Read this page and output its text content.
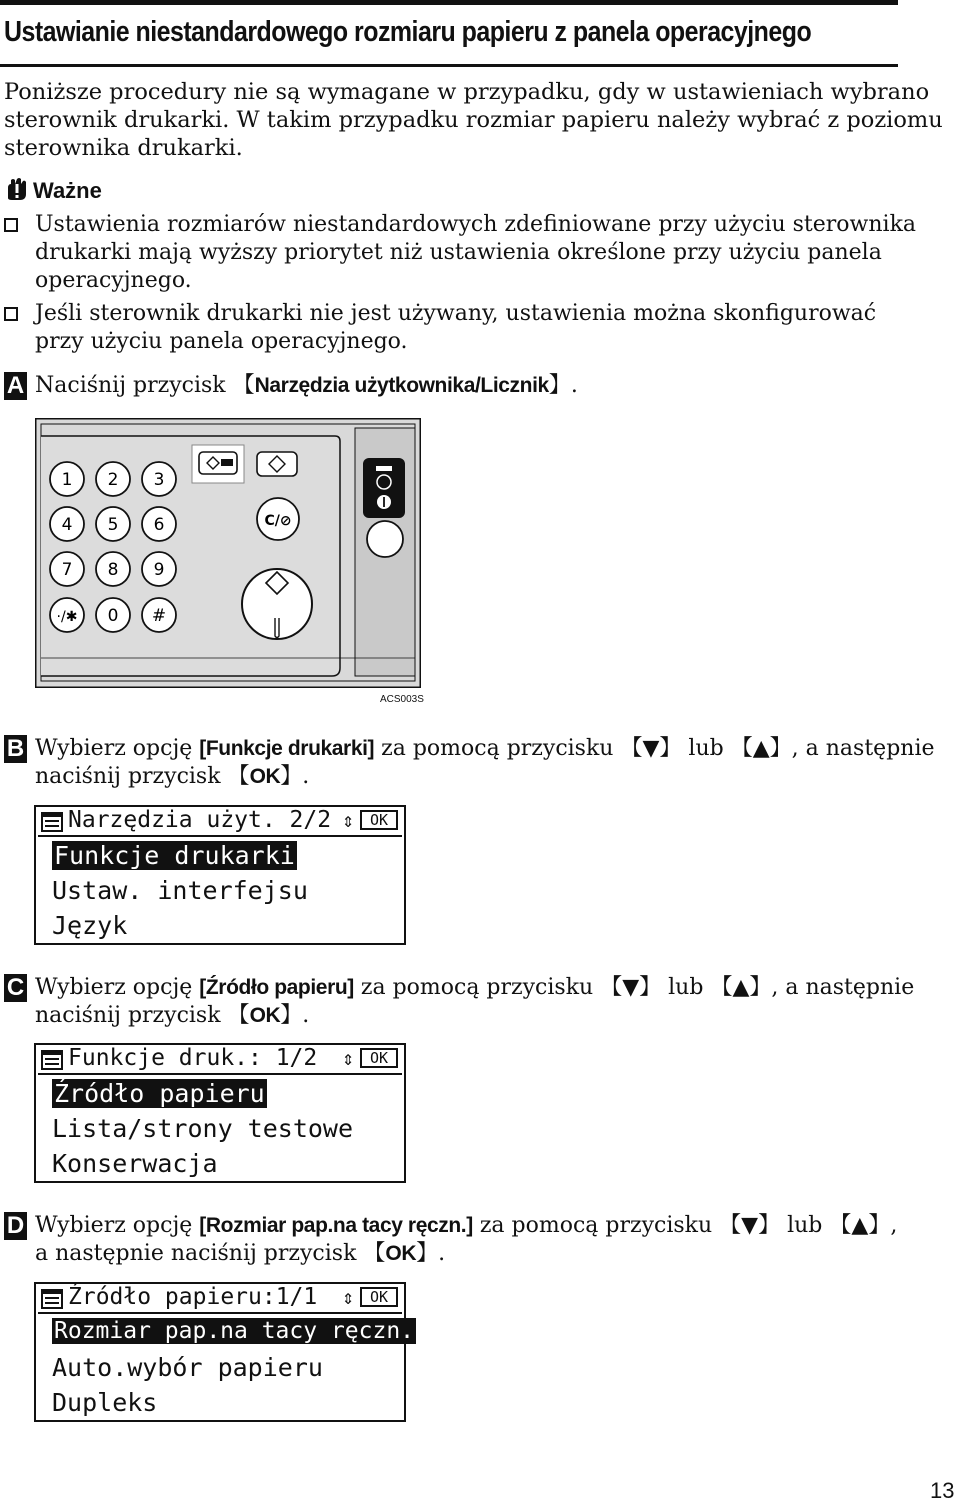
Ustawianie niestandardowego rozmiaru papieru z panela operacyjnego
Poniższe procedury nie są wymagane w przypadku, gdy w ustawieniach wybrano
sterownik drukarki. W takim przypadku rozmiar papieru należy wybrać z poziomu
sterownika drukarki.
Ważne
Ustawienia rozmiarów niestandardowych zdefiniowane przy użyciu sterownika
drukarki mają wyższy priorytet niż ustawienia określone przy użyciu panela
operacyjnego.
Jeśli sterownik drukarki nie jest używany, ustawienia można skonfigurować
przy użyciu panela operacyjnego.
A Naciśnij przycisk 【Narzędzia użytkownika/Licznik】.
1 2 3
4 5 6
7 8 9
·/✱ 0 #
C/⊘
ACS003S
B Wybierz opcję [Funkcje drukarki] za pomocą przycisku 【▼】 lub 【▲】, a następnie
naciśnij przycisk 【OK】.
Narzędzia użyt. 2/2 ⇕	OK
Funkcje drukarki
Ustaw. interfejsu
Język
C Wybierz opcję [Źródło papieru] za pomocą przycisku 【▼】 lub 【▲】, a następnie
naciśnij przycisk 【OK】.
Funkcje druk.: 1/2 ⇕	OK
Źródło papieru
Lista/strony testowe
Konserwacja
D Wybierz opcję [Rozmiar pap.na tacy ręczn.] za pomocą przycisku 【▼】 lub 【▲】,
a następnie naciśnij przycisk 【OK】.
Źródło papieru:1/1 ⇕	OK
Rozmiar pap.na tacy ręczn.
Auto.wybór papieru
Dupleks
13
